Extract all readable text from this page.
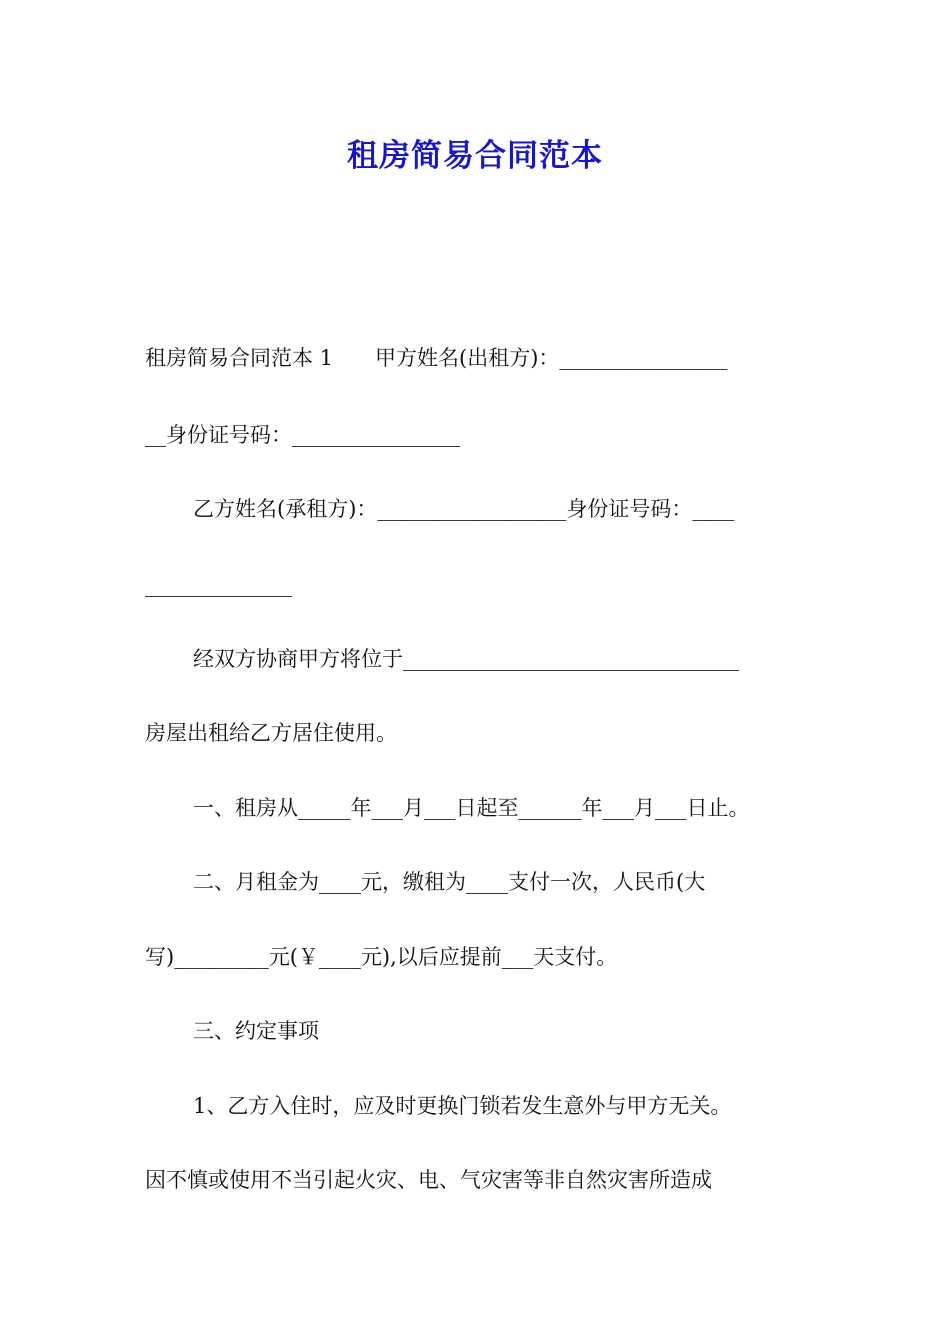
租房简易合同范本

租房简易合同范本 1　　甲方姓名(出租方)：________________

__身份证号码：________________

乙方姓名(承租方)：__________________身份证号码：____

______________

经双方协商甲方将位于________________________________

房屋出租给乙方居住使用。

一、租房从_____年___月___日起至______年___月___日止。

二、月租金为____元，缴租为____支付一次，人民币(大

写)_________元(￥____元),以后应提前___天支付。

三、约定事项

1、乙方入住时，应及时更换门锁若发生意外与甲方无关。

因不慎或使用不当引起火灾、电、气灾害等非自然灾害所造成
